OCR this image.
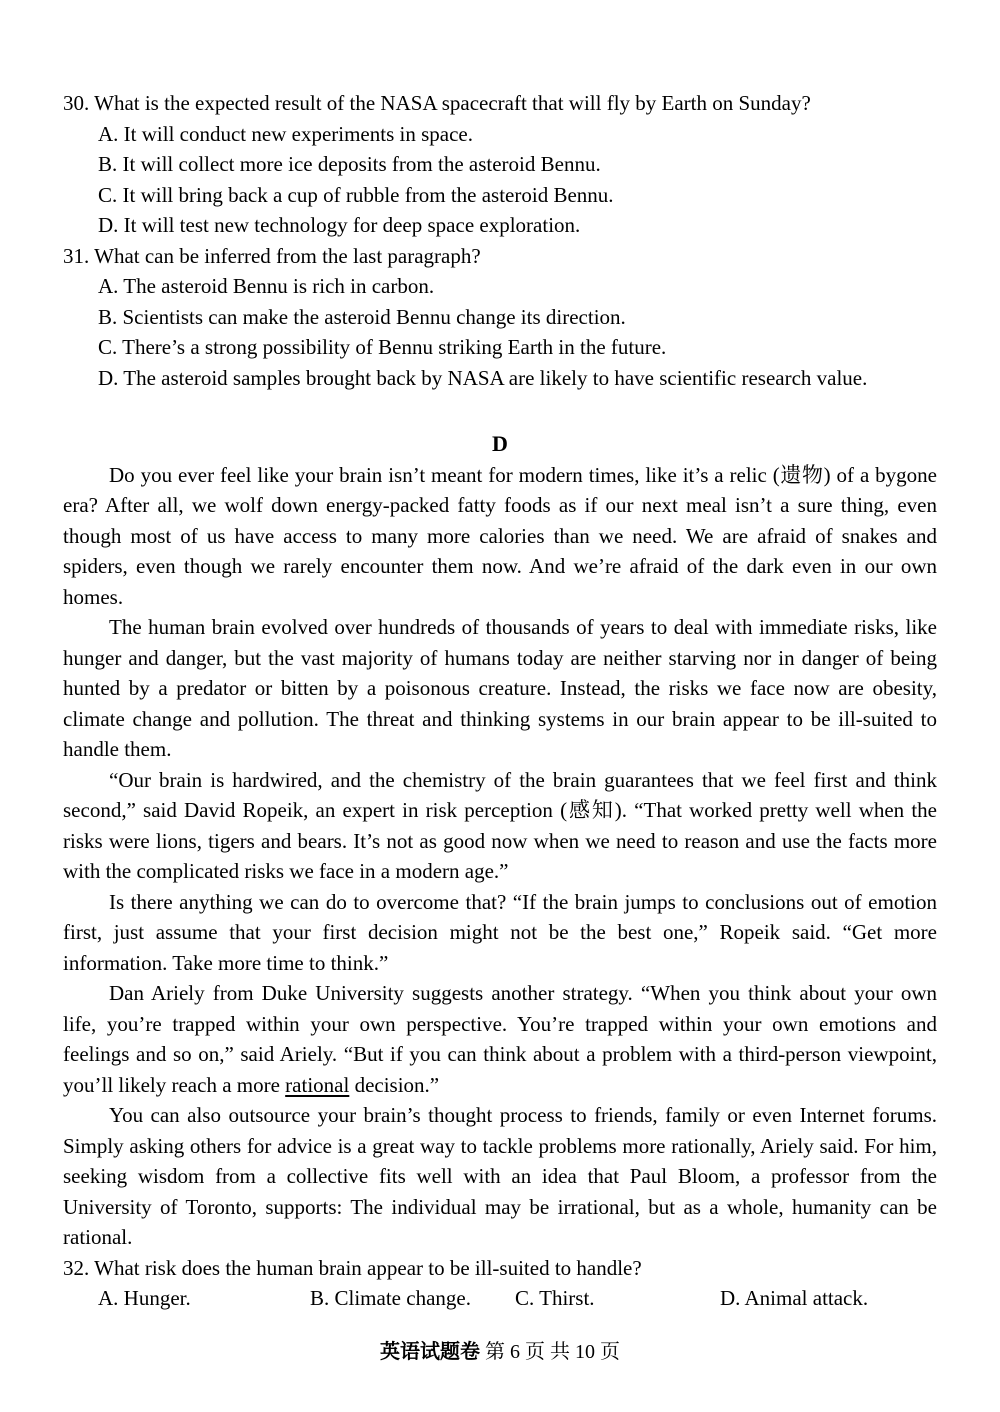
30. What is the expected result of the NASA spacecraft that will fly by Earth on Sunday?

A. It will conduct new experiments in space.

B. It will collect more ice deposits from the asteroid Bennu.

C. It will bring back a cup of rubble from the asteroid Bennu.

D. It will test new technology for deep space exploration.

31. What can be inferred from the last paragraph?

A. The asteroid Bennu is rich in carbon.

B. Scientists can make the asteroid Bennu change its direction.

C. There’s a strong possibility of Bennu striking Earth in the future.

D. The asteroid samples brought back by NASA are likely to have scientific research value.

D

Do you ever feel like your brain isn’t meant for modern times, like it’s a relic (遗物) of a bygone era? After all, we wolf down energy-packed fatty foods as if our next meal isn’t a sure thing, even though most of us have access to many more calories than we need. We are afraid of snakes and spiders, even though we rarely encounter them now. And we’re afraid of the dark even in our own homes.

The human brain evolved over hundreds of thousands of years to deal with immediate risks, like hunger and danger, but the vast majority of humans today are neither starving nor in danger of being hunted by a predator or bitten by a poisonous creature. Instead, the risks we face now are obesity, climate change and pollution. The threat and thinking systems in our brain appear to be ill-suited to handle them.

“Our brain is hardwired, and the chemistry of the brain guarantees that we feel first and think second,” said David Ropeik, an expert in risk perception (感知). “That worked pretty well when the risks were lions, tigers and bears. It’s not as good now when we need to reason and use the facts more with the complicated risks we face in a modern age.”

Is there anything we can do to overcome that? “If the brain jumps to conclusions out of emotion first, just assume that your first decision might not be the best one,” Ropeik said. “Get more information. Take more time to think.”

Dan Ariely from Duke University suggests another strategy. “When you think about your own life, you’re trapped within your own perspective. You’re trapped within your own emotions and feelings and so on,” said Ariely. “But if you can think about a problem with a third-person viewpoint, you’ll likely reach a more rational decision.”

You can also outsource your brain’s thought process to friends, family or even Internet forums. Simply asking others for advice is a great way to tackle problems more rationally, Ariely said. For him, seeking wisdom from a collective fits well with an idea that Paul Bloom, a professor from the University of Toronto, supports: The individual may be irrational, but as a whole, humanity can be rational.

32. What risk does the human brain appear to be ill-suited to handle?

A. Hunger.	B. Climate change.	C. Thirst.	D. Animal attack.
英语试题卷 第 6 页 共 10 页
